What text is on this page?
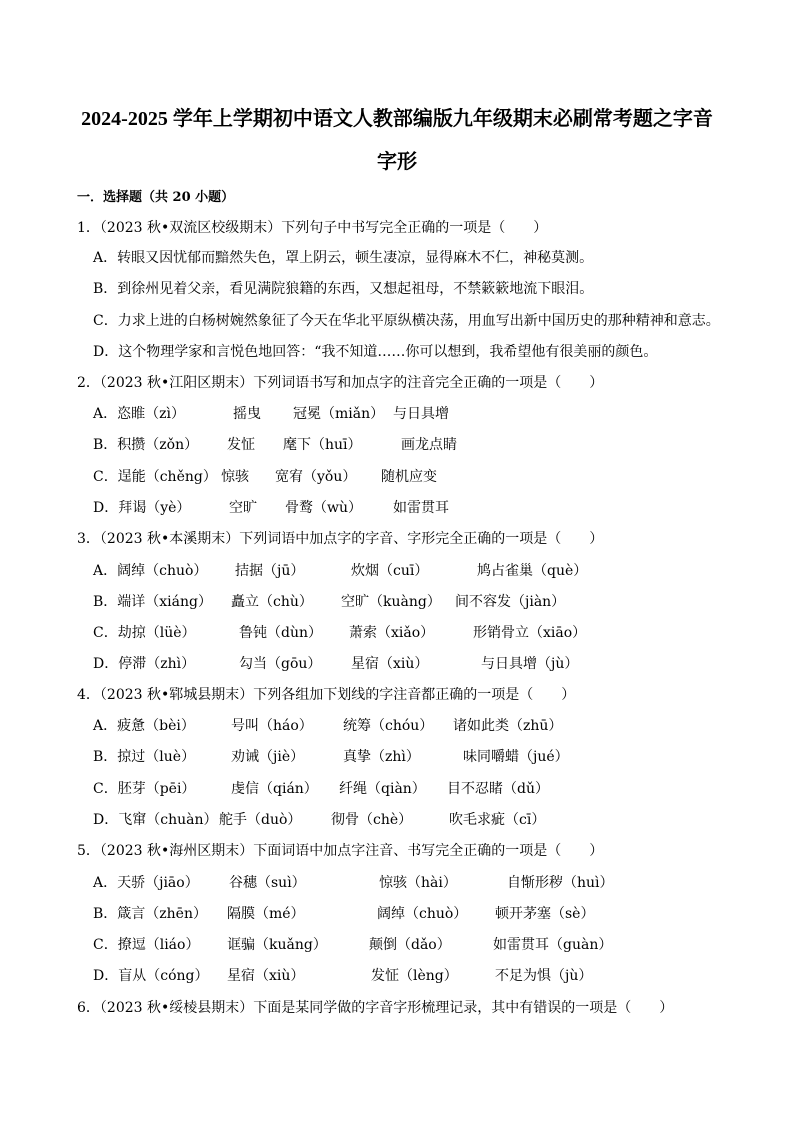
2024-2025 学年上学期初中语文人教部编版九年级期末必刷常考题之字音
字形
一．选择题（共 20 小题）
1．（2023 秋•双流区校级期末）下列句子中书写完全正确的一项是（　　）
A．转眼又因忧郁而黯然失色，罩上阴云，顿生凄凉，显得麻木不仁，神秘莫测。
B．到徐州见着父亲，看见满院狼籍的东西，又想起祖母，不禁簌簌地流下眼泪。
C．力求上进的白杨树婉然象征了今天在华北平原纵横决荡，用血写出新中国历史的那种精神和意志。
D．这个物理学家和言悦色地回答：“我不知道……你可以想到，我希望他有很美丽的颜色。
2．（2023 秋•江阳区期末）下列词语书写和加点字的注音完全正确的一项是（　　）
A．恣睢（zì）	摇曳 冠冕（miǎn） 与日具增
B．积攒（zǒn） 发怔 麾下（huī）	画龙点睛
C．逞能（chěng） 惊骇 宽宥（yǒu） 随机应变
D．拜谒（yè）	空旷 骨鹜（wù） 如雷贯耳
3．（2023 秋•本溪期末）下列词语中加点字的字音、字形完全正确的一项是（　　）
A．阔绰（chuò） 拮据（jū）	炊烟（cuī）	鸠占雀巢（què）
B．端详（xiáng） 矗立（chù） 空旷（kuàng） 间不容发（jiàn）
C．劫掠（lüè）	鲁钝（dùn） 萧索（xiǎo）	形销骨立（xiāo）
D．停滞（zhì）	勾当（gōu） 星宿（xiù）	与日具增（jù）
4．（2023 秋•郓城县期末）下列各组加下划线的字注音都正确的一项是（　　）
A．疲惫（bèi）	号叫（háo） 统筹（chóu） 诸如此类（zhū）
B．掠过（luè）	劝诫（jiè）	真挚（zhì）	味同嚼蜡（jué）
C．胚芽（pēi）	虔信（qián） 纤绳（qiàn） 目不忍睹（dǔ）
D．飞窜（chuàn） 舵手（duò） 彻骨（chè）	吹毛求疵（cī）
5．（2023 秋•海州区期末）下面词语中加点字注音、书写完全正确的一项是（　　）
A．天骄（jiāo） 谷穗（suì）	惊骇（hài）	自惭形秽（huì）
B．箴言（zhēn） 隔膜（mé）	阔绰（chuò） 顿开茅塞（sè）
C．撩逗（liáo） 诓骗（kuǎng）	颠倒（dǎo）	如雷贯耳（guàn）
D．盲从（cóng） 星宿（xiù）	发怔（lèng）	不足为惧（jù）
6．（2023 秋•绥棱县期末）下面是某同学做的字音字形梳理记录，其中有错误的一项是（　　）
